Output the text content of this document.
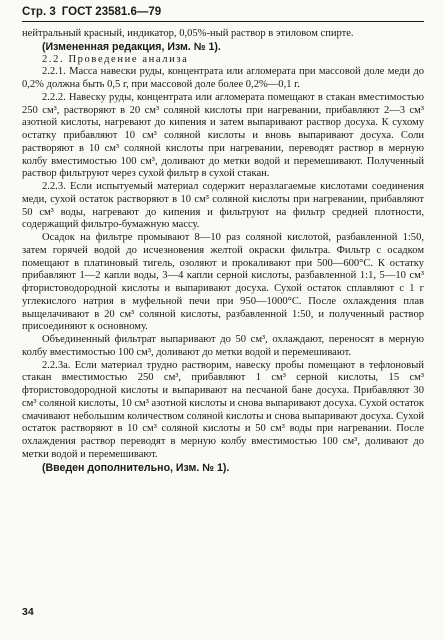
Стр. 3 ГОСТ 23581.6—79

нейтральный красный, индикатор, 0,05%-ный раствор в этиловом спирте.

(Измененная редакция, Изм. № 1).

2.2. Проведение анализа

2.2.1. Масса навески руды, концентрата или агломерата при массовой доле меди до 0,2% должна быть 0,5 г, при массовой доле более 0,2%—0,1 г.

2.2.2. Навеску руды, концентрата или агломерата помещают в стакан вместимостью 250 см³, растворяют в 20 см³ соляной кислоты при нагревании, прибавляют 2—3 см³ азотной кислоты, нагревают до кипения и затем выпаривают раствор досуха. К сухому остатку прибавляют 10 см³ соляной кислоты и вновь выпаривают досуха. Соли растворяют в 10 см³ соляной кислоты при нагревании, переводят раствор в мерную колбу вместимостью 100 см³, доливают до метки водой и перемешивают. Полученный раствор фильтруют через сухой фильтр в сухой стакан.

2.2.3. Если испытуемый материал содержит неразлагаемые кислотами соединения меди, сухой остаток растворяют в 10 см³ соляной кислоты при нагревании, прибавляют 50 см³ воды, нагревают до кипения и фильтруют на фильтр средней плотности, содержащий фильтро-бумажную массу.

Осадок на фильтре промывают 8—10 раз соляной кислотой, разбавленной 1:50, затем горячей водой до исчезновения желтой окраски фильтра. Фильтр с осадком помещают в платиновый тигель, озоляют и прокаливают при 500—600°С. К остатку прибавляют 1—2 капли воды, 3—4 капли серной кислоты, разбавленной 1:1, 5—10 см³ фтористоводородной кислоты и выпаривают досуха. Сухой остаток сплавляют с 1 г углекислого натрия в муфельной печи при 950—1000°С. После охлаждения плав выщелачивают в 20 см³ соляной кислоты, разбавленной 1:50, и полученный раствор присоединяют к основному.

Объединенный фильтрат выпаривают до 50 см³, охлаждают, переносят в мерную колбу вместимостью 100 см³, доливают до метки водой и перемешивают.

2.2.3а. Если материал трудно растворим, навеску пробы помещают в тефлоновый стакан вместимостью 250 см³, прибавляют 1 см³ серной кислоты, 15 см³ фтористоводородной кислоты и выпаривают на песчаной бане досуха. Прибавляют 30 см³ соляной кислоты, 10 см³ азотной кислоты и снова выпаривают досуха. Сухой остаток смачивают небольшим количеством соляной кислоты и снова выпаривают досуха. Сухой остаток растворяют в 10 см³ соляной кислоты и 50 см³ воды при нагревании. После охлаждения раствор переводят в мерную колбу вместимостью 100 см³, доливают до метки водой и перемешивают.

(Введен дополнительно, Изм. № 1).

34
